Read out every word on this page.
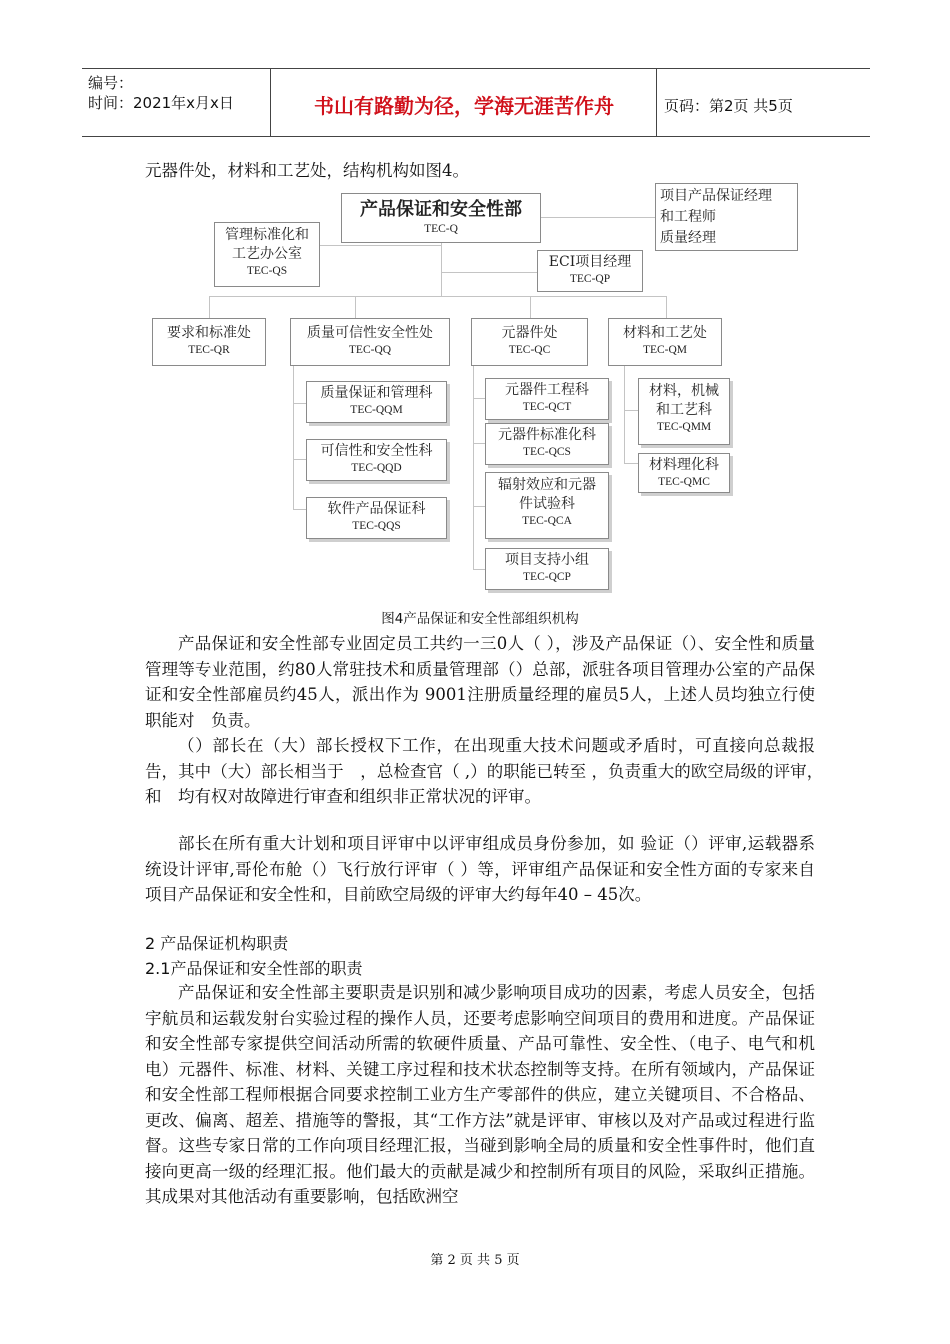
编号：
时间：2021年x月x日	书山有路勤为径，学海无涯苦作舟	页码：第2页 共5页
元器件处，材料和工艺处，结构机构如图4。
产品保证和安全性部
TEC-Q
项目产品保证经理
和工程师
质量经理
管理标准化和
工艺办公室
TEC-QS
ECI项目经理
TEC-QP
要求和标准处
TEC-QR
质量可信性安全性处
TEC-QQ
元器件处
TEC-QC
材料和工艺处
TEC-QM
质量保证和管理科
TEC-QQM
可信性和安全性科
TEC-QQD
软件产品保证科
TEC-QQS
元器件工程科
TEC-QCT
元器件标准化科
TEC-QCS
辐射效应和元器
件试验科
TEC-QCA
项目支持小组
TEC-QCP
材料，机械
和工艺科
TEC-QMM
材料理化科
TEC-QMC
图4产品保证和安全性部组织机构
产品保证和安全性部专业固定员工共约一三0人（ ），涉及产品保证（）、安全性和质量管理等专业范围，约80人常驻技术和质量管理部（）总部，派驻各项目管理办公室的产品保证和安全性部雇员约45人，派出作为 9001注册质量经理的雇员5人，上述人员均独立行使职能对　负责。
（）部长在（大）部长授权下工作，在出现重大技术问题或矛盾时，可直接向总裁报告，其中（大）部长相当于　，总检查官（ ,）的职能已转至 ，负责重大的欧空局级的评审，　和　均有权对故障进行审查和组织非正常状况的评审。
部长在所有重大计划和项目评审中以评审组成员身份参加，如 验证（）评审,运载器系统设计评审,哥伦布舱（）飞行放行评审（ ）等，评审组产品保证和安全性方面的专家来自项目产品保证和安全性和，目前欧空局级的评审大约每年40 – 45次。
2 产品保证机构职责
2.1产品保证和安全性部的职责
产品保证和安全性部主要职责是识别和减少影响项目成功的因素，考虑人员安全，包括宇航员和运载发射台实验过程的操作人员，还要考虑影响空间项目的费用和进度。产品保证和安全性部专家提供空间活动所需的软硬件质量、产品可靠性、安全性、（电子、电气和机电）元器件、标准、材料、关键工序过程和技术状态控制等支持。在所有领域内，产品保证和安全性部工程师根据合同要求控制工业方生产零部件的供应，建立关键项目、不合格品、更改、偏离、超差、措施等的警报，其“工作方法”就是评审、审核以及对产品或过程进行监督。这些专家日常的工作向项目经理汇报，当碰到影响全局的质量和安全性事件时，他们直接向更高一级的经理汇报。他们最大的贡献是减少和控制所有项目的风险，采取纠正措施。其成果对其他活动有重要影响，包括欧洲空
第 2 页 共 5 页
